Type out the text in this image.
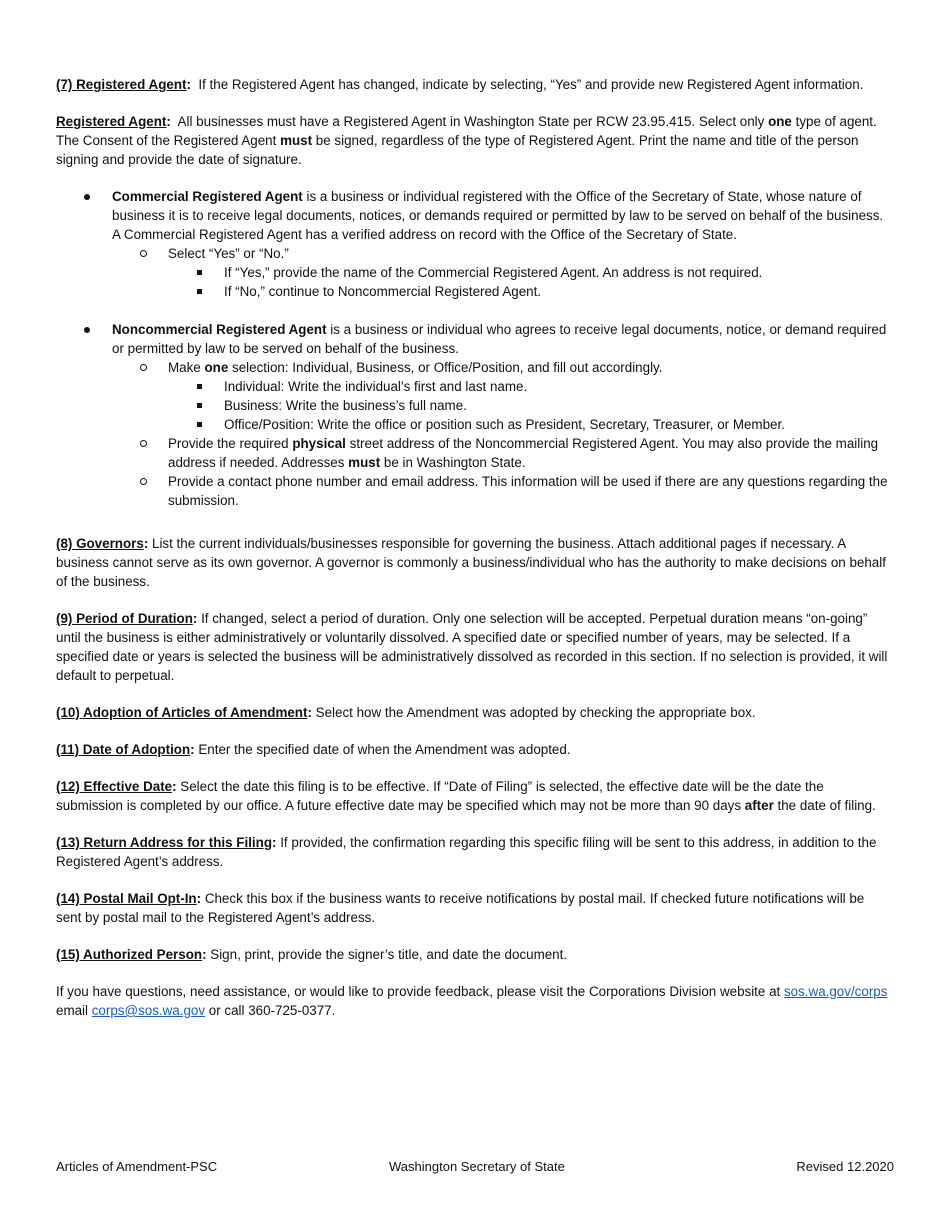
(7) Registered Agent: If the Registered Agent has changed, indicate by selecting, “Yes” and provide new Registered Agent information.

Registered Agent: All businesses must have a Registered Agent in Washington State per RCW 23.95.415. Select only one type of agent. The Consent of the Registered Agent must be signed, regardless of the type of Registered Agent. Print the name and title of the person signing and provide the date of signature.

Commercial Registered Agent is a business or individual registered with the Office of the Secretary of State, whose nature of business it is to receive legal documents, notices, or demands required or permitted by law to be served on behalf of the business. A Commercial Registered Agent has a verified address on record with the Office of the Secretary of State.
Select “Yes” or “No.”
If “Yes,” provide the name of the Commercial Registered Agent. An address is not required.
If “No,” continue to Noncommercial Registered Agent.
Noncommercial Registered Agent is a business or individual who agrees to receive legal documents, notice, or demand required or permitted by law to be served on behalf of the business.
Make one selection: Individual, Business, or Office/Position, and fill out accordingly.
Individual: Write the individual’s first and last name.
Business: Write the business’s full name.
Office/Position: Write the office or position such as President, Secretary, Treasurer, or Member.
Provide the required physical street address of the Noncommercial Registered Agent. You may also provide the mailing address if needed. Addresses must be in Washington State.
Provide a contact phone number and email address. This information will be used if there are any questions regarding the submission.

(8) Governors: List the current individuals/businesses responsible for governing the business. Attach additional pages if necessary. A business cannot serve as its own governor. A governor is commonly a business/individual who has the authority to make decisions on behalf of the business.

(9) Period of Duration: If changed, select a period of duration. Only one selection will be accepted. Perpetual duration means “on-going” until the business is either administratively or voluntarily dissolved. A specified date or specified number of years, may be selected. If a specified date or years is selected the business will be administratively dissolved as recorded in this section. If no selection is provided, it will default to perpetual.

(10) Adoption of Articles of Amendment: Select how the Amendment was adopted by checking the appropriate box.

(11) Date of Adoption: Enter the specified date of when the Amendment was adopted.

(12) Effective Date: Select the date this filing is to be effective. If “Date of Filing” is selected, the effective date will be the date the submission is completed by our office. A future effective date may be specified which may not be more than 90 days after the date of filing.

(13) Return Address for this Filing: If provided, the confirmation regarding this specific filing will be sent to this address, in addition to the Registered Agent’s address.

(14) Postal Mail Opt-In: Check this box if the business wants to receive notifications by postal mail. If checked future notifications will be sent by postal mail to the Registered Agent’s address.

(15) Authorized Person: Sign, print, provide the signer’s title, and date the document.

If you have questions, need assistance, or would like to provide feedback, please visit the Corporations Division website at sos.wa.gov/corps email corps@sos.wa.gov or call 360-725-0377.

Articles of Amendment-PSC	Washington Secretary of State	Revised 12.2020
